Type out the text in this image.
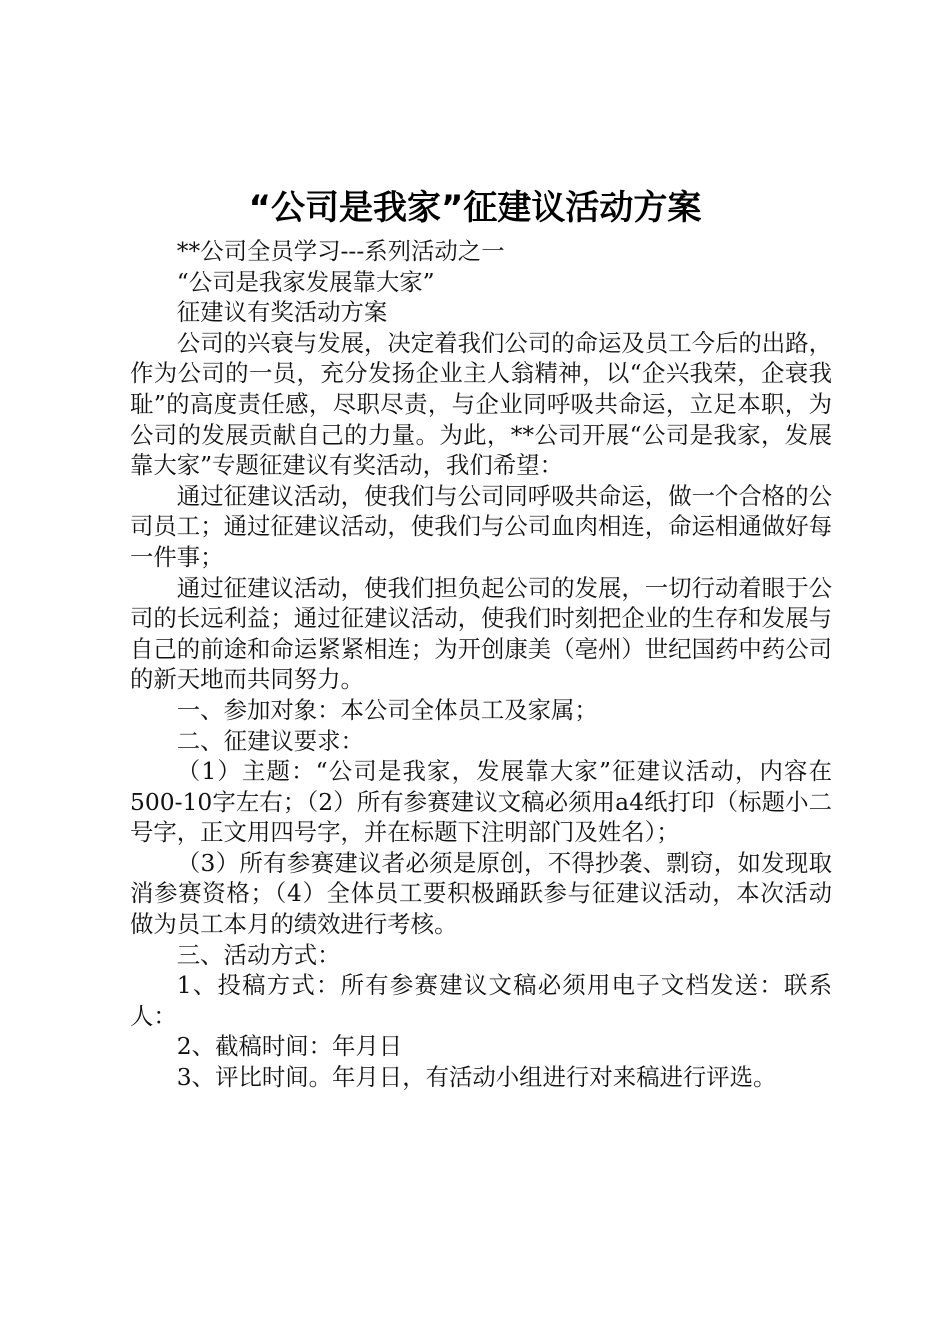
“公司是我家”征建议活动方案

**公司全员学习---系列活动之一

“公司是我家发展靠大家”

征建议有奖活动方案

公司的兴衰与发展，决定着我们公司的命运及员工今后的出路，作为公司的一员，充分发扬企业主人翁精神，以“企兴我荣，企衰我耻”的高度责任感，尽职尽责，与企业同呼吸共命运，立足本职，为公司的发展贡献自己的力量。为此，**公司开展“公司是我家，发展靠大家”专题征建议有奖活动，我们希望：

通过征建议活动，使我们与公司同呼吸共命运，做一个合格的公司员工；通过征建议活动，使我们与公司血肉相连，命运相通做好每一件事；

通过征建议活动，使我们担负起公司的发展，一切行动着眼于公司的长远利益；通过征建议活动，使我们时刻把企业的生存和发展与自己的前途和命运紧紧相连；为开创康美（亳州）世纪国药中药公司的新天地而共同努力。

一、参加对象：本公司全体员工及家属；

二、征建议要求：

（1）主题：“公司是我家，发展靠大家”征建议活动，内容在500-10字左右；（2）所有参赛建议文稿必须用a4纸打印（标题小二号字，正文用四号字，并在标题下注明部门及姓名）；

（3）所有参赛建议者必须是原创，不得抄袭、剽窃，如发现取消参赛资格；（4）全体员工要积极踊跃参与征建议活动，本次活动做为员工本月的绩效进行考核。

三、活动方式：

1、投稿方式：所有参赛建议文稿必须用电子文档发送：联系人：

2、截稿时间：年月日

3、评比时间。年月日，有活动小组进行对来稿进行评选。
